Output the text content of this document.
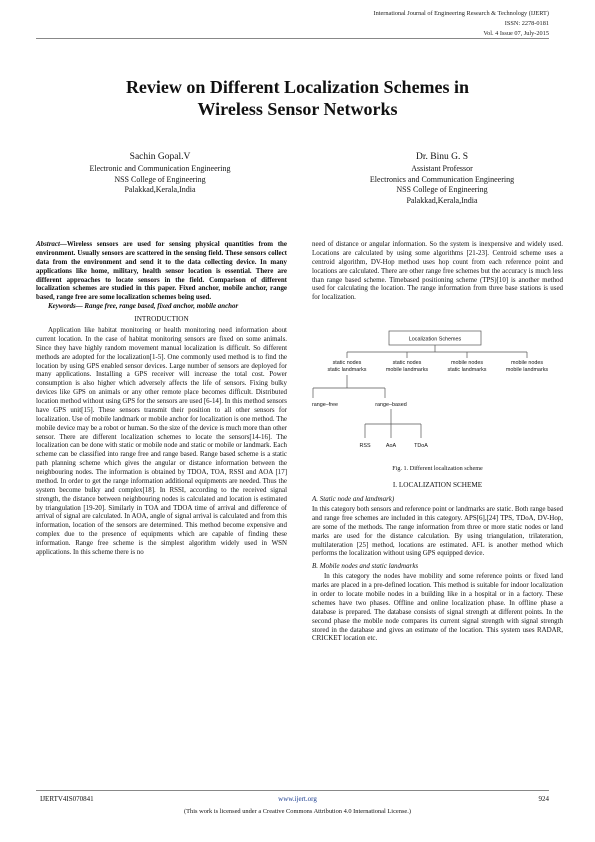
International Journal of Engineering Research & Technology (IJERT)
ISSN: 2278-0181
Vol. 4 Issue 07, July-2015
Review on Different Localization Schemes in
Wireless Sensor Networks
Sachin Gopal.V
Electronic and Communication Engineering
NSS College of Engineering
Palakkad,Kerala,India
Dr. Binu G. S
Assistant Professor
Electronics and Communication Engineering
NSS College of Engineering
Palakkad,Kerala,India

Abstract—Wireless sensors are used for sensing physical quantities from the environment. Usually sensors are scattered in the sensing field. These sensors collect data from the environment and send it to the data collecting device. In many applications like home, military, health sensor location is essential. There are different approaches to locate sensors in the field. Comparison of different localization schemes are studied in this paper. Fixed anchor, mobile anchor, range based, range free are some localization schemes being used.

Keywords— Range free, range based, fixed anchor, mobile anchor

INTRODUCTION

Application like habitat monitoring or health monitoring need information about current location. In the case of habitat monitoring sensors are fixed on some animals. Since they have highly random movement manual localization is difficult. So different methods are adopted for the localization[1-5]. One commonly used method is to find the location by using GPS enabled sensor devices. Large number of sensors are deployed for many applications. Installing a GPS receiver will increase the total cost. Power consumption is also higher which adversely affects the life of sensors. Fixing bulky devices like GPS on animals or any other remote place becomes difficult. Distributed location method without using GPS for the sensors are used [6-14]. In this method sensors have GPS unit[15]. These sensors transmit their position to all other sensors for localization. Use of mobile landmark or mobile anchor for localization is one method. The mobile device may be a robot or human. So the size of the device is much more than other sensor. There are different localization schemes to locate the sensors[14-16]. The localization can be done with static or mobile node and static or mobile or landmark. Each scheme can be classified into range free and range based. Range based scheme is a static path planning scheme which gives the angular or distance information between the neighbouring nodes. The information is obtained by TDOA, TOA, RSSI and AOA [17] method. In order to get the range information additional equipments are needed. Thus the system become bulky and complex[18]. In RSSI, according to the received signal strength, the distance between neighbouring nodes is calculated and location is estimated by triangulation [19-20]. Similarly in TOA and TDOA time of arrival and difference of arrival of signal are calculated. In AOA, angle of signal arrival is calculated and from this information, location of the sensors are determined. This method become expensive and complex due to the presence of equipments which are capable of finding these information. Range free scheme is the simplest algorithm widely used in WSN applications. In this scheme there is no

need of distance or angular information. So the system is inexpensive and widely used. Locations are calculated by using some algorithms [21-23]. Centroid scheme uses a centroid algorithm, DV-Hop method uses hop count from each reference point and locations are calculated. There are other range free schemes but the accuracy is much less than range based scheme. Timebased positioning scheme (TPS)[10] is another method used for calculating the location. The range information from three base stations is used for localization.

Localization Schemes
static nodes
static landmarks
static nodes
mobile landmarks
mobile nodes
static landmarks
mobile nodes
mobile landmarks
range–free	range–based
RSS	AoA	TDoA
Fig. 1. Different localization scheme
I. LOCALIZATION SCHEME
A. Static node and landmark)

In this category both sensors and reference point or landmarks are static. Both range based and range free schemes are included in this category. APS[6],[24] TPS, TDoA, DV-Hop, are some of the methods. The range information from three or more static nodes or land marks are used for the distance calculation. By using triangulation, trilateration, multilateration [25] method, locations are estimated. AFL is another method which performs the localization without using GPS equipped device.

B. Mobile nodes and static landmarks

In this category the nodes have mobility and some reference points or fixed land marks are placed in a pre-defined location. This method is suitable for indoor localization in order to locate mobile nodes in a building like in a hospital or in a factory. These schemes have two phases. Offline and online localization phase. In offline phase a database is prepared. The database consists of signal strength at different points. In the second phase the mobile node compares its current signal strength with signal strength stored in the database and gives an estimate of the location. This system uses RADAR, CRICKET location etc.

IJERTV4IS070841	www.ijert.org	924
(This work is licensed under a Creative Commons Attribution 4.0 International License.)
